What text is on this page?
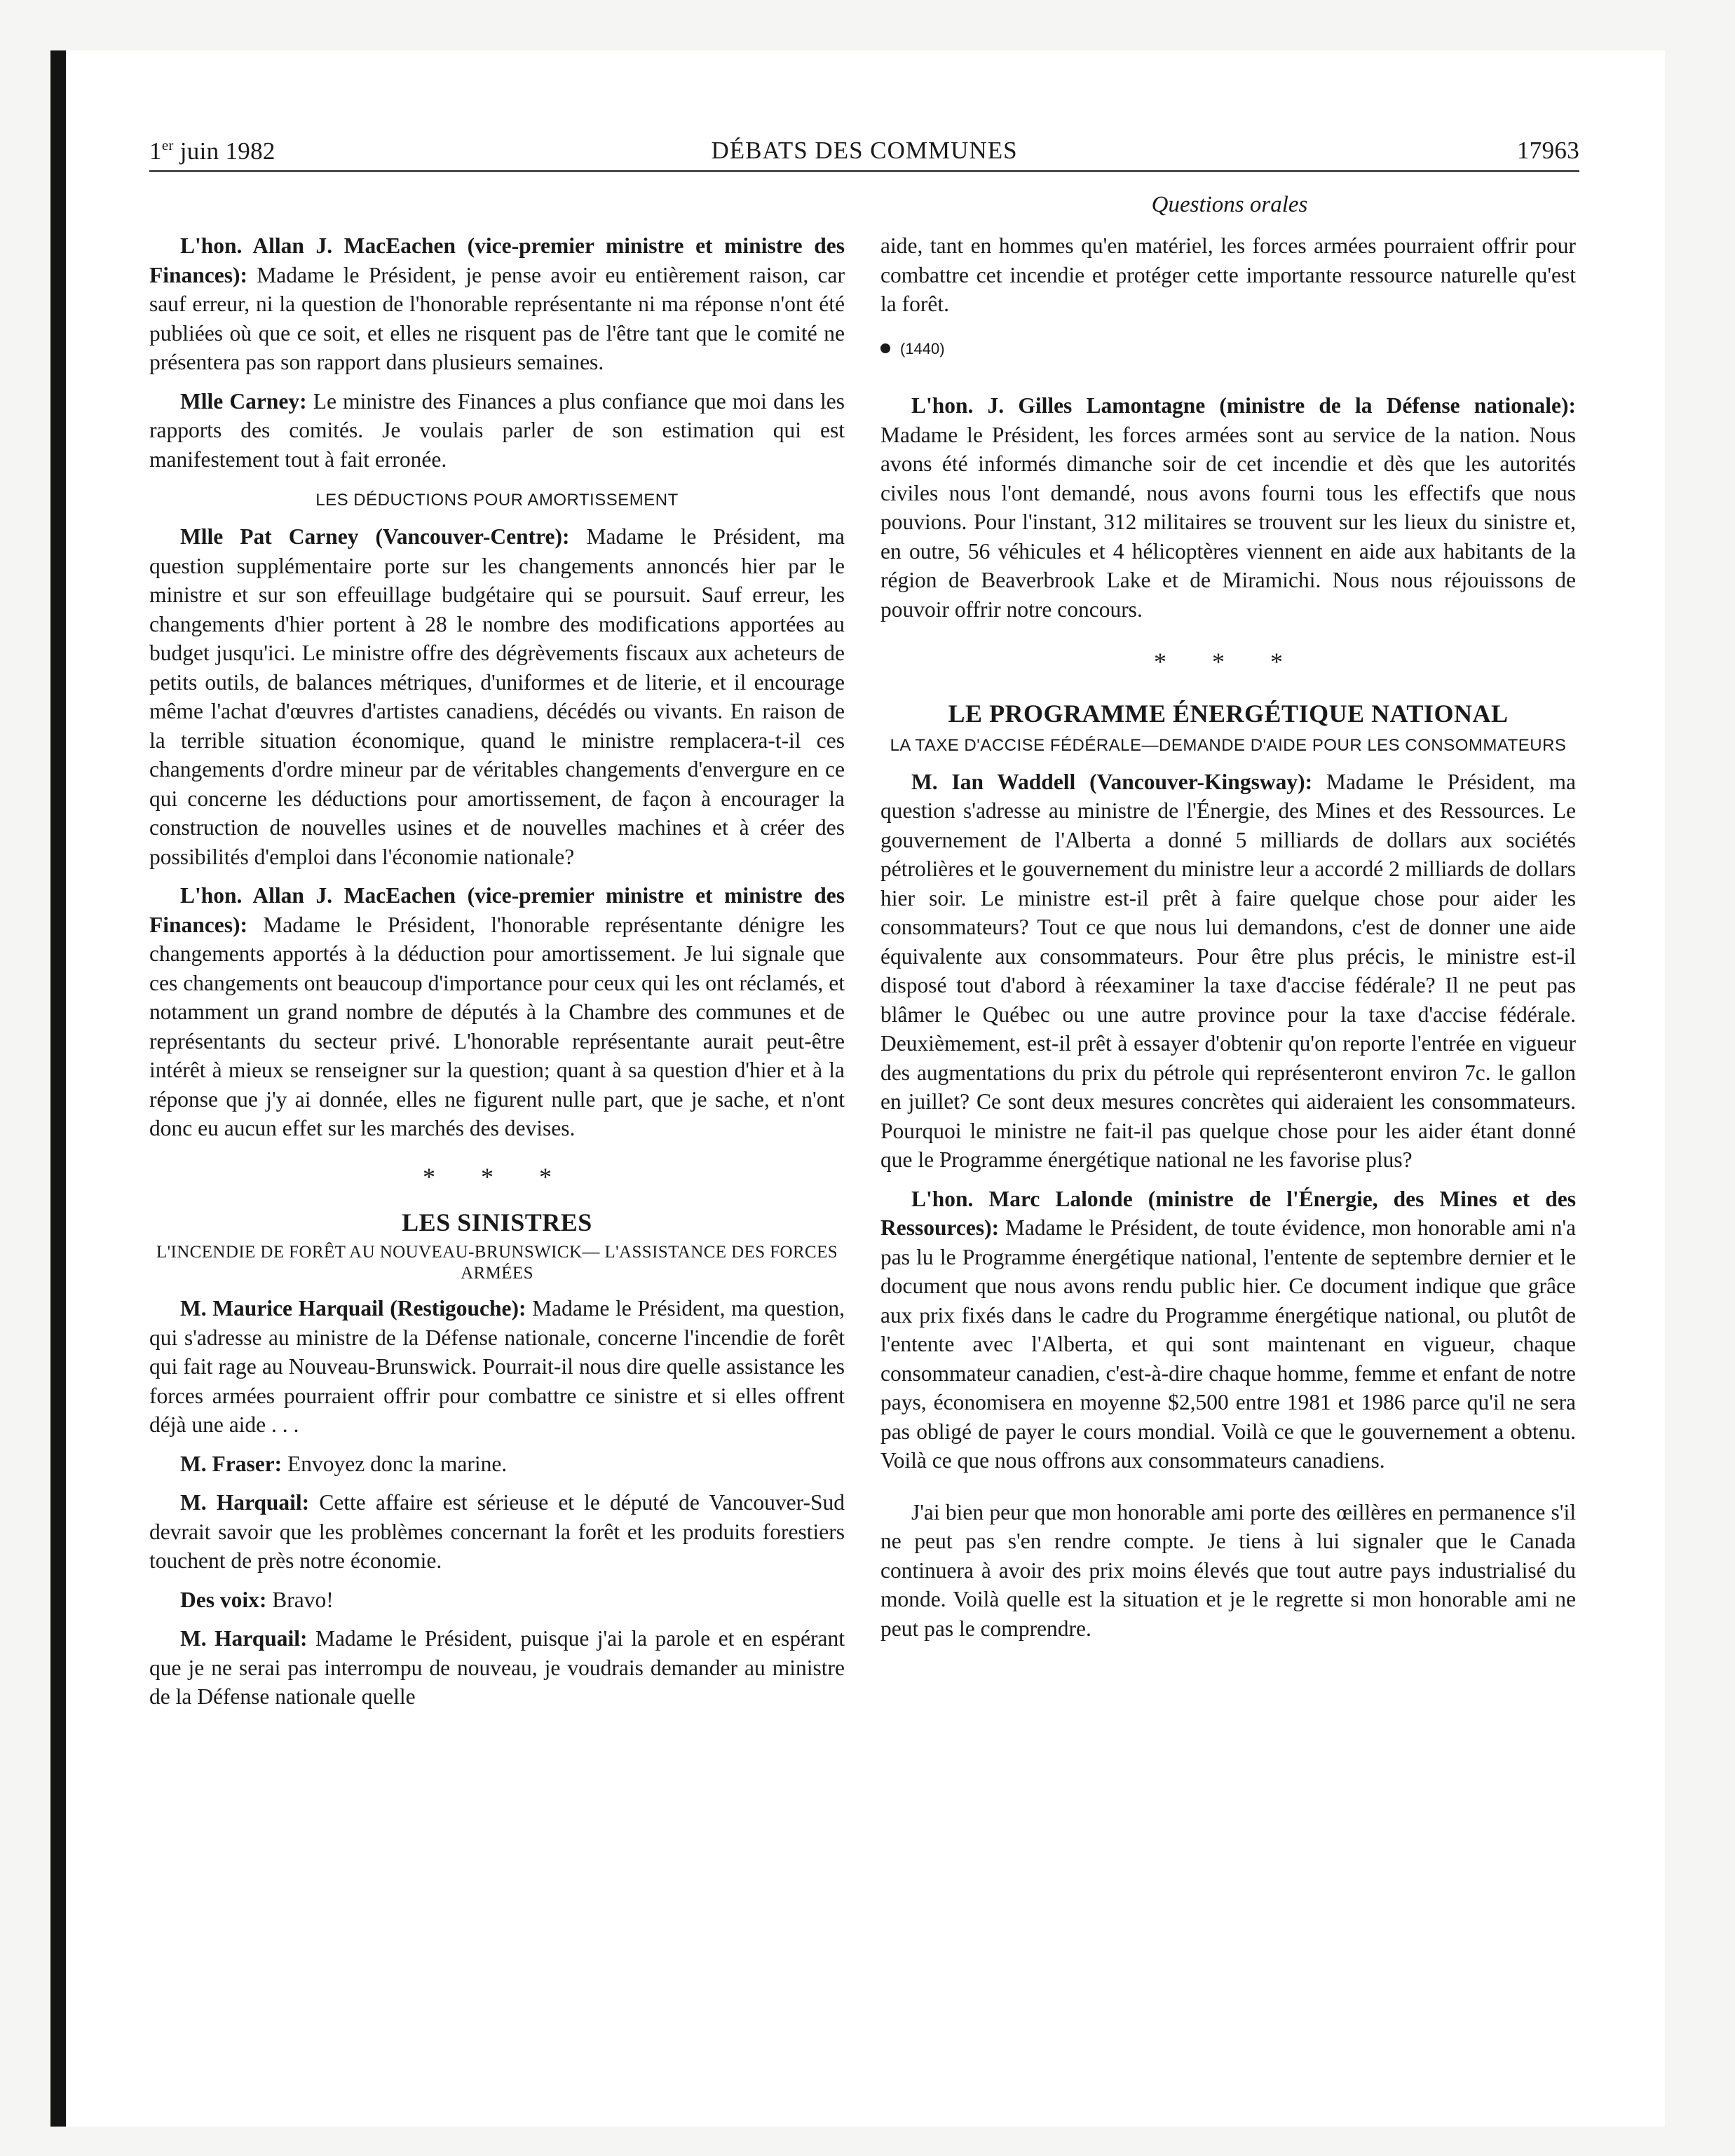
1er juin 1982	DÉBATS DES COMMUNES	17963
Questions orales

L'hon. Allan J. MacEachen (vice-premier ministre et ministre des Finances): Madame le Président, je pense avoir eu entièrement raison, car sauf erreur, ni la question de l'honorable représentante ni ma réponse n'ont été publiées où que ce soit, et elles ne risquent pas de l'être tant que le comité ne présentera pas son rapport dans plusieurs semaines.

Mlle Carney: Le ministre des Finances a plus confiance que moi dans les rapports des comités. Je voulais parler de son estimation qui est manifestement tout à fait erronée.

LES DÉDUCTIONS POUR AMORTISSEMENT

Mlle Pat Carney (Vancouver-Centre): Madame le Président, ma question supplémentaire porte sur les changements annoncés hier par le ministre et sur son effeuillage budgétaire qui se poursuit. Sauf erreur, les changements d'hier portent à 28 le nombre des modifications apportées au budget jusqu'ici. Le ministre offre des dégrèvements fiscaux aux acheteurs de petits outils, de balances métriques, d'uniformes et de literie, et il encourage même l'achat d'œuvres d'artistes canadiens, décédés ou vivants. En raison de la terrible situation économique, quand le ministre remplacera-t-il ces changements d'ordre mineur par de véritables changements d'envergure en ce qui concerne les déductions pour amortissement, de façon à encourager la construction de nouvelles usines et de nouvelles machines et à créer des possibilités d'emploi dans l'économie nationale?

L'hon. Allan J. MacEachen (vice-premier ministre et ministre des Finances): Madame le Président, l'honorable représentante dénigre les changements apportés à la déduction pour amortissement. Je lui signale que ces changements ont beaucoup d'importance pour ceux qui les ont réclamés, et notamment un grand nombre de députés à la Chambre des communes et de représentants du secteur privé. L'honorable représentante aurait peut-être intérêt à mieux se renseigner sur la question; quant à sa question d'hier et à la réponse que j'y ai donnée, elles ne figurent nulle part, que je sache, et n'ont donc eu aucun effet sur les marchés des devises.

* * *
LES SINISTRES
L'INCENDIE DE FORÊT AU NOUVEAU-BRUNSWICK— L'ASSISTANCE DES FORCES ARMÉES

M. Maurice Harquail (Restigouche): Madame le Président, ma question, qui s'adresse au ministre de la Défense nationale, concerne l'incendie de forêt qui fait rage au Nouveau-Brunswick. Pourrait-il nous dire quelle assistance les forces armées pourraient offrir pour combattre ce sinistre et si elles offrent déjà une aide . . .

M. Fraser: Envoyez donc la marine.

M. Harquail: Cette affaire est sérieuse et le député de Vancouver-Sud devrait savoir que les problèmes concernant la forêt et les produits forestiers touchent de près notre économie.

Des voix: Bravo!

M. Harquail: Madame le Président, puisque j'ai la parole et en espérant que je ne serai pas interrompu de nouveau, je voudrais demander au ministre de la Défense nationale quelle

aide, tant en hommes qu'en matériel, les forces armées pourraient offrir pour combattre cet incendie et protéger cette importante ressource naturelle qu'est la forêt.

(1440)

L'hon. J. Gilles Lamontagne (ministre de la Défense nationale): Madame le Président, les forces armées sont au service de la nation. Nous avons été informés dimanche soir de cet incendie et dès que les autorités civiles nous l'ont demandé, nous avons fourni tous les effectifs que nous pouvions. Pour l'instant, 312 militaires se trouvent sur les lieux du sinistre et, en outre, 56 véhicules et 4 hélicoptères viennent en aide aux habitants de la région de Beaverbrook Lake et de Miramichi. Nous nous réjouissons de pouvoir offrir notre concours.

* * *
LE PROGRAMME ÉNERGÉTIQUE NATIONAL
LA TAXE D'ACCISE FÉDÉRALE—DEMANDE D'AIDE POUR LES CONSOMMATEURS

M. Ian Waddell (Vancouver-Kingsway): Madame le Président, ma question s'adresse au ministre de l'Énergie, des Mines et des Ressources. Le gouvernement de l'Alberta a donné 5 milliards de dollars aux sociétés pétrolières et le gouvernement du ministre leur a accordé 2 milliards de dollars hier soir. Le ministre est-il prêt à faire quelque chose pour aider les consommateurs? Tout ce que nous lui demandons, c'est de donner une aide équivalente aux consommateurs. Pour être plus précis, le ministre est-il disposé tout d'abord à réexaminer la taxe d'accise fédérale? Il ne peut pas blâmer le Québec ou une autre province pour la taxe d'accise fédérale. Deuxièmement, est-il prêt à essayer d'obtenir qu'on reporte l'entrée en vigueur des augmentations du prix du pétrole qui représenteront environ 7c. le gallon en juillet? Ce sont deux mesures concrètes qui aideraient les consommateurs. Pourquoi le ministre ne fait-il pas quelque chose pour les aider étant donné que le Programme énergétique national ne les favorise plus?

L'hon. Marc Lalonde (ministre de l'Énergie, des Mines et des Ressources): Madame le Président, de toute évidence, mon honorable ami n'a pas lu le Programme énergétique national, l'entente de septembre dernier et le document que nous avons rendu public hier. Ce document indique que grâce aux prix fixés dans le cadre du Programme énergétique national, ou plutôt de l'entente avec l'Alberta, et qui sont maintenant en vigueur, chaque consommateur canadien, c'est-à-dire chaque homme, femme et enfant de notre pays, économisera en moyenne $2,500 entre 1981 et 1986 parce qu'il ne sera pas obligé de payer le cours mondial. Voilà ce que le gouvernement a obtenu. Voilà ce que nous offrons aux consommateurs canadiens.

J'ai bien peur que mon honorable ami porte des œillères en permanence s'il ne peut pas s'en rendre compte. Je tiens à lui signaler que le Canada continuera à avoir des prix moins élevés que tout autre pays industrialisé du monde. Voilà quelle est la situation et je le regrette si mon honorable ami ne peut pas le comprendre.
